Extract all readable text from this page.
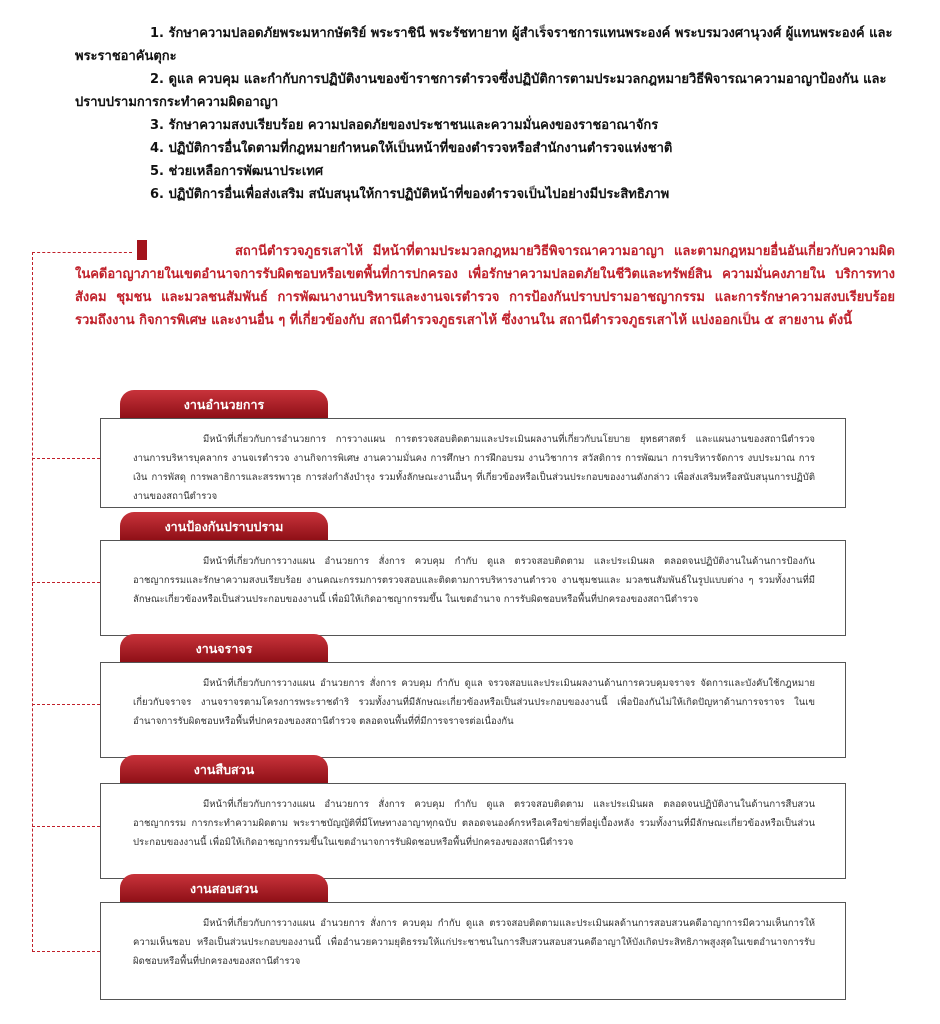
1. รักษาความปลอดภัยพระมหากษัตริย์ พระราชินี พระรัชทายาท ผู้สำเร็จราชการแทนพระองค์ พระบรมวงศานุวงศ์ ผู้แทนพระองค์ และพระราชอาคันตุกะ

2. ดูแล ควบคุม และกำกับการปฏิบัติงานของข้าราชการตำรวจซึ่งปฏิบัติการตามประมวลกฎหมายวิธีพิจารณาความอาญาป้องกัน และปราบปรามการกระทำความผิดอาญา

3. รักษาความสงบเรียบร้อย ความปลอดภัยของประชาชนและความมั่นคงของราชอาณาจักร

4. ปฏิบัติการอื่นใดตามที่กฎหมายกำหนดให้เป็นหน้าที่ของตำรวจหรือสำนักงานตำรวจแห่งชาติ

5. ช่วยเหลือการพัฒนาประเทศ

6. ปฏิบัติการอื่นเพื่อส่งเสริม สนับสนุนให้การปฏิบัติหน้าที่ของตำรวจเป็นไปอย่างมีประสิทธิภาพ

สถานีตำรวจภูธรเสาไห้ มีหน้าที่ตามประมวลกฎหมายวิธีพิจารณาความอาญา และตามกฎหมายอื่นอันเกี่ยวกับความผิดในคดีอาญาภายในเขตอำนาจการรับผิดชอบหรือเขตพื้นที่การปกครอง เพื่อรักษาความปลอดภัยในชีวิตและทรัพย์สิน ความมั่นคงภายใน บริการทางสังคม ชุมชน และมวลชนสัมพันธ์ การพัฒนางานบริหารและงานจเรตำรวจ การป้องกันปราบปรามอาชญากรรม และการรักษาความสงบเรียบร้อย รวมถึงงาน กิจการพิเศษ และงานอื่น ๆ ที่เกี่ยวข้องกับ สถานีตำรวจภูธรเสาไห้ ซึ่งงานใน สถานีตำรวจภูธรเสาไห้ แบ่งออกเป็น ๕ สายงาน ดังนี้

งานอำนวยการ

มีหน้าที่เกี่ยวกับการอำนวยการ การวางแผน การตรวจสอบติดตามและประเมินผลงานที่เกี่ยวกับนโยบาย ยุทธศาสตร์ และแผนงานของสถานีตำรวจ งานการบริหารบุคลากร งานจเรตำรวจ งานกิจการพิเศษ งานความมั่นคง การศึกษา การฝึกอบรม งานวิชาการ สวัสดิการ การพัฒนา การบริหารจัดการ งบประมาณ การเงิน การพัสดุ การพลาธิการและสรรพาวุธ การส่งกำลังบำรุง รวมทั้งลักษณะงานอื่นๆ ที่เกี่ยวข้องหรือเป็นส่วนประกอบของงานดังกล่าว เพื่อส่งเสริมหรือสนับสนุนการปฏิบัติงานของสถานีตำรวจ

งานป้องกันปราบปราม

มีหน้าที่เกี่ยวกับการวางแผน อำนวยการ สั่งการ ควบคุม กำกับ ดูแล ตรวจสอบติดตาม และประเมินผล ตลอดจนปฏิบัติงานในด้านการป้องกันอาชญากรรมและรักษาความสงบเรียบร้อย งานคณะกรรมการตรวจสอบและติดตามการบริหารงานตำรวจ งานชุมชนและ มวลชนสัมพันธ์ในรูปแบบต่าง ๆ รวมทั้งงานที่มีลักษณะเกี่ยวข้องหรือเป็นส่วนประกอบของงานนี้ เพื่อมิให้เกิดอาชญากรรมขึ้น ในเขตอำนาจ การรับผิดชอบหรือพื้นที่ปกครองของสถานีตำรวจ

งานจราจร

มีหน้าที่เกี่ยวกับการวางแผน อำนวยการ สั่งการ ควบคุม กำกับ ดูแล จรวจสอบและประเมินผลงานด้านการควบคุมจราจร จัดการและบังคับใช้กฎหมายเกี่ยวกับจราจร งานจราจรตามโครงการพระราชดำริ รวมทั้งงานที่มีลักษณะเกี่ยวข้องหรือเป็นส่วนประกอบของงานนี้ เพื่อป้องกันไม่ให้เกิดปัญหาด้านการจราจร ในเขอำนาจการรับผิดชอบหรือพื้นที่ปกครองของสถานีตำรวจ ตลอดจนพื้นที่ที่มีการจราจรต่อเนื่องกัน

งานสืบสวน

มีหน้าที่เกี่ยวกับการวางแผน อำนวยการ สั่งการ ควบคุม กำกับ ดูแล ตรวจสอบติดตาม และประเมินผล ตลอดจนปฏิบัติงานในด้านการสืบสวนอาชญากรรม การกระทำความผิดตาม พระราชบัญญัติที่มีโทษทางอาญาทุกฉบับ ตลอดจนองค์กรหรือเครือข่ายที่อยู่เบื้องหลัง รวมทั้งงานที่มีลักษณะเกี่ยวข้องหรือเป็นส่วนประกอบของงานนี้ เพื่อมิให้เกิดอาชญากรรมขึ้นในเขตอำนาจการรับผิดชอบหรือพื้นที่ปกครองของสถานีตำรวจ

งานสอบสวน

มีหน้าที่เกี่ยวกับการวางแผน อำนวยการ สั่งการ ควบคุม กำกับ ดูแล ตรวจสอบติดตามและประเมินผลด้านการสอบสวนคดีอาญาการมีความเห็นการให้ความเห็นชอบ หรือเป็นส่วนประกอบของงานนี้ เพื่ออำนวยความยุติธรรมให้แก่ประชาชนในการสืบสวนสอบสวนคดีอาญาให้บังเกิดประสิทธิภาพสูงสุดในเขตอำนาจการรับผิดชอบหรือพื้นที่ปกครองของสถานีตำรวจ
